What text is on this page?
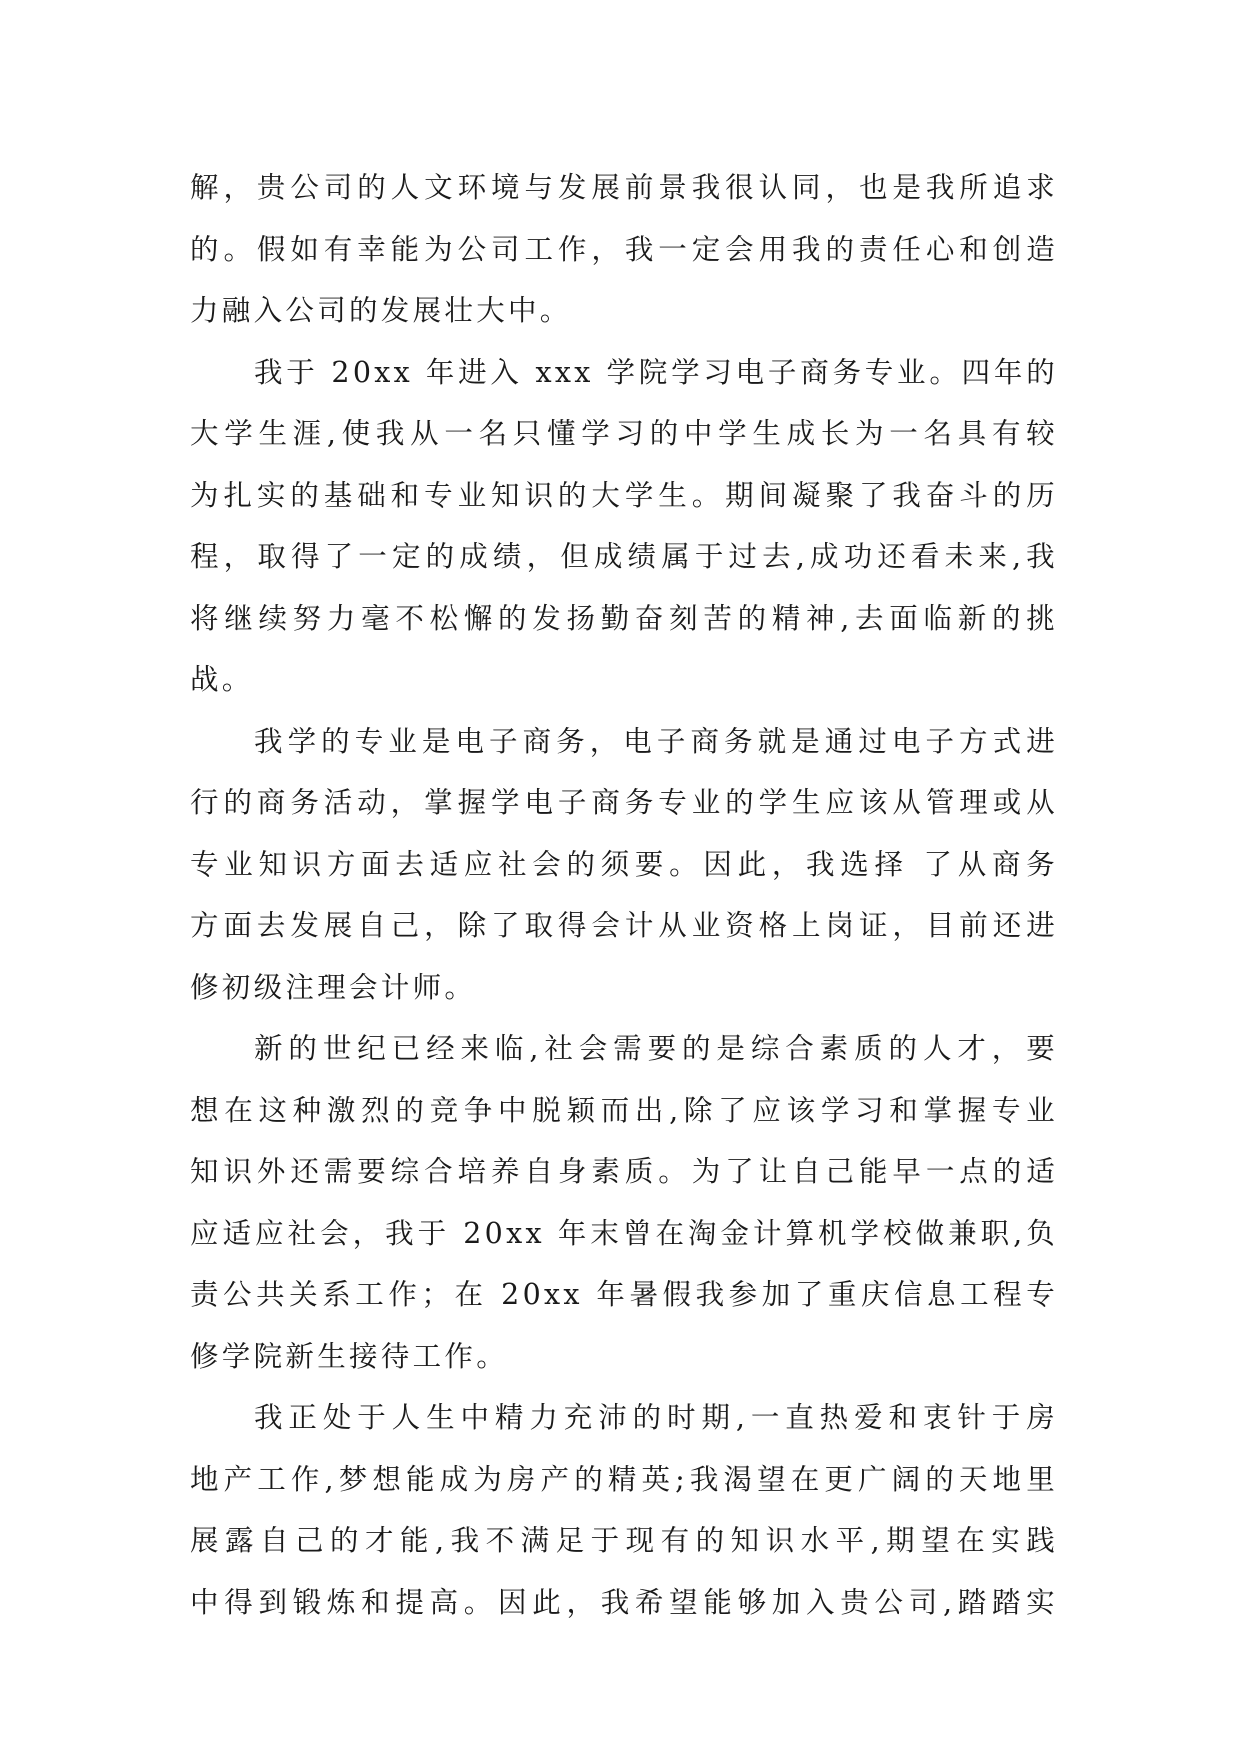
解，贵公司的人文环境与发展前景我很认同，也是我所追求
的。假如有幸能为公司工作，我一定会用我的责任心和创造
力融入公司的发展壮大中。
我于 20xx 年进入 xxx 学院学习电子商务专业。四年的
大学生涯,使我从一名只懂学习的中学生成长为一名具有较
为扎实的基础和专业知识的大学生。期间凝聚了我奋斗的历
程，取得了一定的成绩，但成绩属于过去,成功还看未来,我
将继续努力毫不松懈的发扬勤奋刻苦的精神,去面临新的挑
战。
我学的专业是电子商务，电子商务就是通过电子方式进
行的商务活动，掌握学电子商务专业的学生应该从管理或从
专业知识方面去适应社会的须要。因此，我选择 了从商务
方面去发展自己，除了取得会计从业资格上岗证，目前还进
修初级注理会计师。
新的世纪已经来临,社会需要的是综合素质的人才，要
想在这种激烈的竞争中脱颖而出,除了应该学习和掌握专业
知识外还需要综合培养自身素质。为了让自己能早一点的适
应适应社会，我于 20xx 年末曾在淘金计算机学校做兼职,负
责公共关系工作；在 20xx 年暑假我参加了重庆信息工程专
修学院新生接待工作。
我正处于人生中精力充沛的时期,一直热爱和衷针于房
地产工作,梦想能成为房产的精英;我渴望在更广阔的天地里
展露自己的才能,我不满足于现有的知识水平,期望在实践
中得到锻炼和提高。因此，我希望能够加入贵公司,踏踏实
